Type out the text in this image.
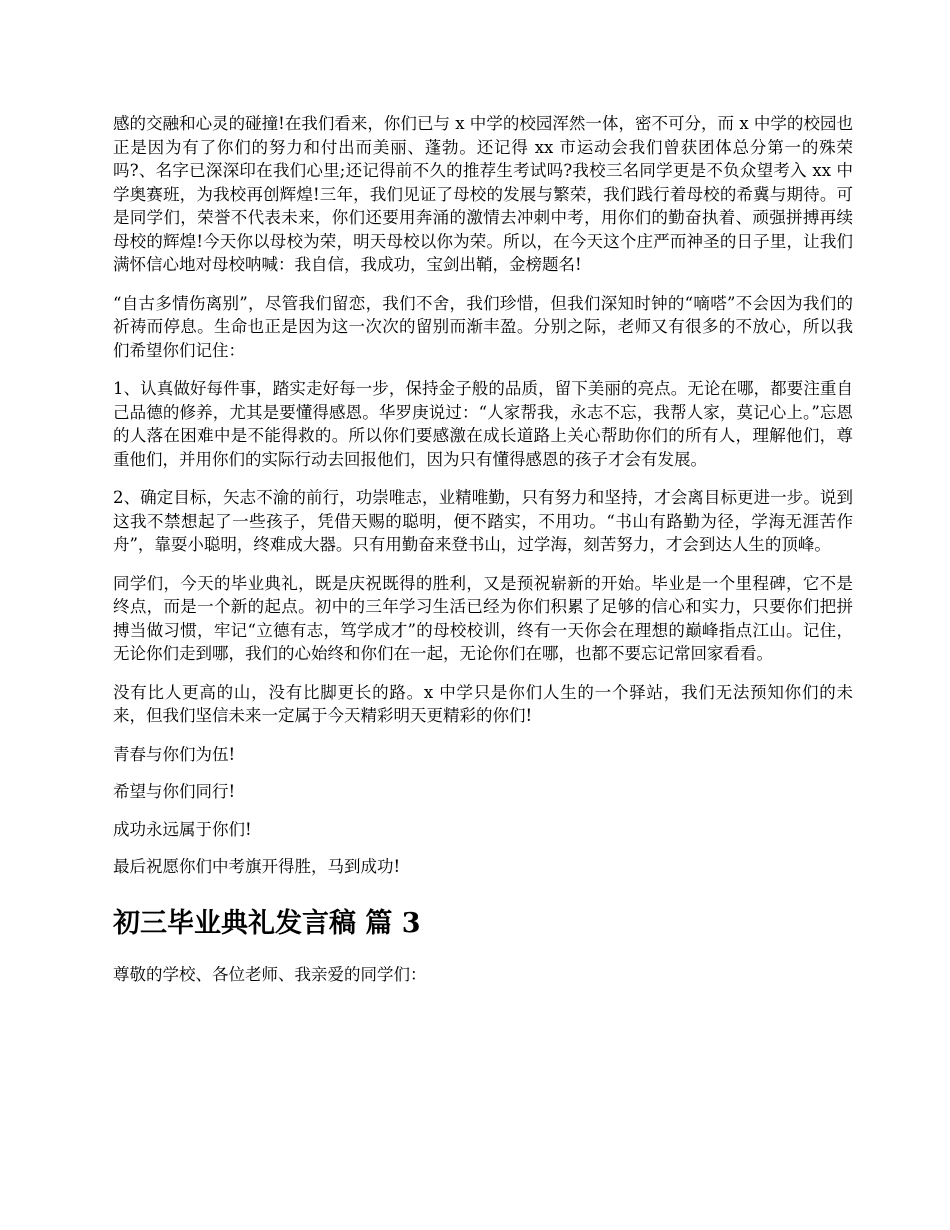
感的交融和心灵的碰撞!在我们看来，你们已与 x 中学的校园浑然一体，密不可分，而 x 中学的校园也正是因为有了你们的努力和付出而美丽、蓬勃。还记得 xx 市运动会我们曾获团体总分第一的殊荣吗?、名字已深深印在我们心里;还记得前不久的推荐生考试吗?我校三名同学更是不负众望考入 xx 中学奥赛班，为我校再创辉煌!三年，我们见证了母校的发展与繁荣，我们践行着母校的希冀与期待。可是同学们，荣誉不代表未来，你们还要用奔涌的激情去冲刺中考，用你们的勤奋执着、顽强拼搏再续母校的辉煌!今天你以母校为荣，明天母校以你为荣。所以，在今天这个庄严而神圣的日子里，让我们满怀信心地对母校呐喊：我自信，我成功，宝剑出鞘，金榜题名!

“自古多情伤离别”，尽管我们留恋，我们不舍，我们珍惜，但我们深知时钟的“嘀嗒”不会因为我们的祈祷而停息。生命也正是因为这一次次的留别而渐丰盈。分别之际，老师又有很多的不放心，所以我们希望你们记住：

1、认真做好每件事，踏实走好每一步，保持金子般的品质，留下美丽的亮点。无论在哪，都要注重自己品德的修养，尤其是要懂得感恩。华罗庚说过：“人家帮我，永志不忘，我帮人家，莫记心上。”忘恩的人落在困难中是不能得救的。所以你们要感激在成长道路上关心帮助你们的所有人，理解他们，尊重他们，并用你们的实际行动去回报他们，因为只有懂得感恩的孩子才会有发展。

2、确定目标，矢志不渝的前行，功崇唯志，业精唯勤，只有努力和坚持，才会离目标更进一步。说到这我不禁想起了一些孩子，凭借天赐的聪明，便不踏实，不用功。“书山有路勤为径，学海无涯苦作舟”，靠耍小聪明，终难成大器。只有用勤奋来登书山，过学海，刻苦努力，才会到达人生的顶峰。

同学们，今天的毕业典礼，既是庆祝既得的胜利，又是预祝崭新的开始。毕业是一个里程碑，它不是终点，而是一个新的起点。初中的三年学习生活已经为你们积累了足够的信心和实力，只要你们把拼搏当做习惯，牢记“立德有志，笃学成才”的母校校训，终有一天你会在理想的巅峰指点江山。记住，无论你们走到哪，我们的心始终和你们在一起，无论你们在哪，也都不要忘记常回家看看。

没有比人更高的山，没有比脚更长的路。x 中学只是你们人生的一个驿站，我们无法预知你们的未来，但我们坚信未来一定属于今天精彩明天更精彩的你们!

青春与你们为伍!

希望与你们同行!

成功永远属于你们!

最后祝愿你们中考旗开得胜，马到成功!

初三毕业典礼发言稿 篇 3

尊敬的学校、各位老师、我亲爱的同学们：
